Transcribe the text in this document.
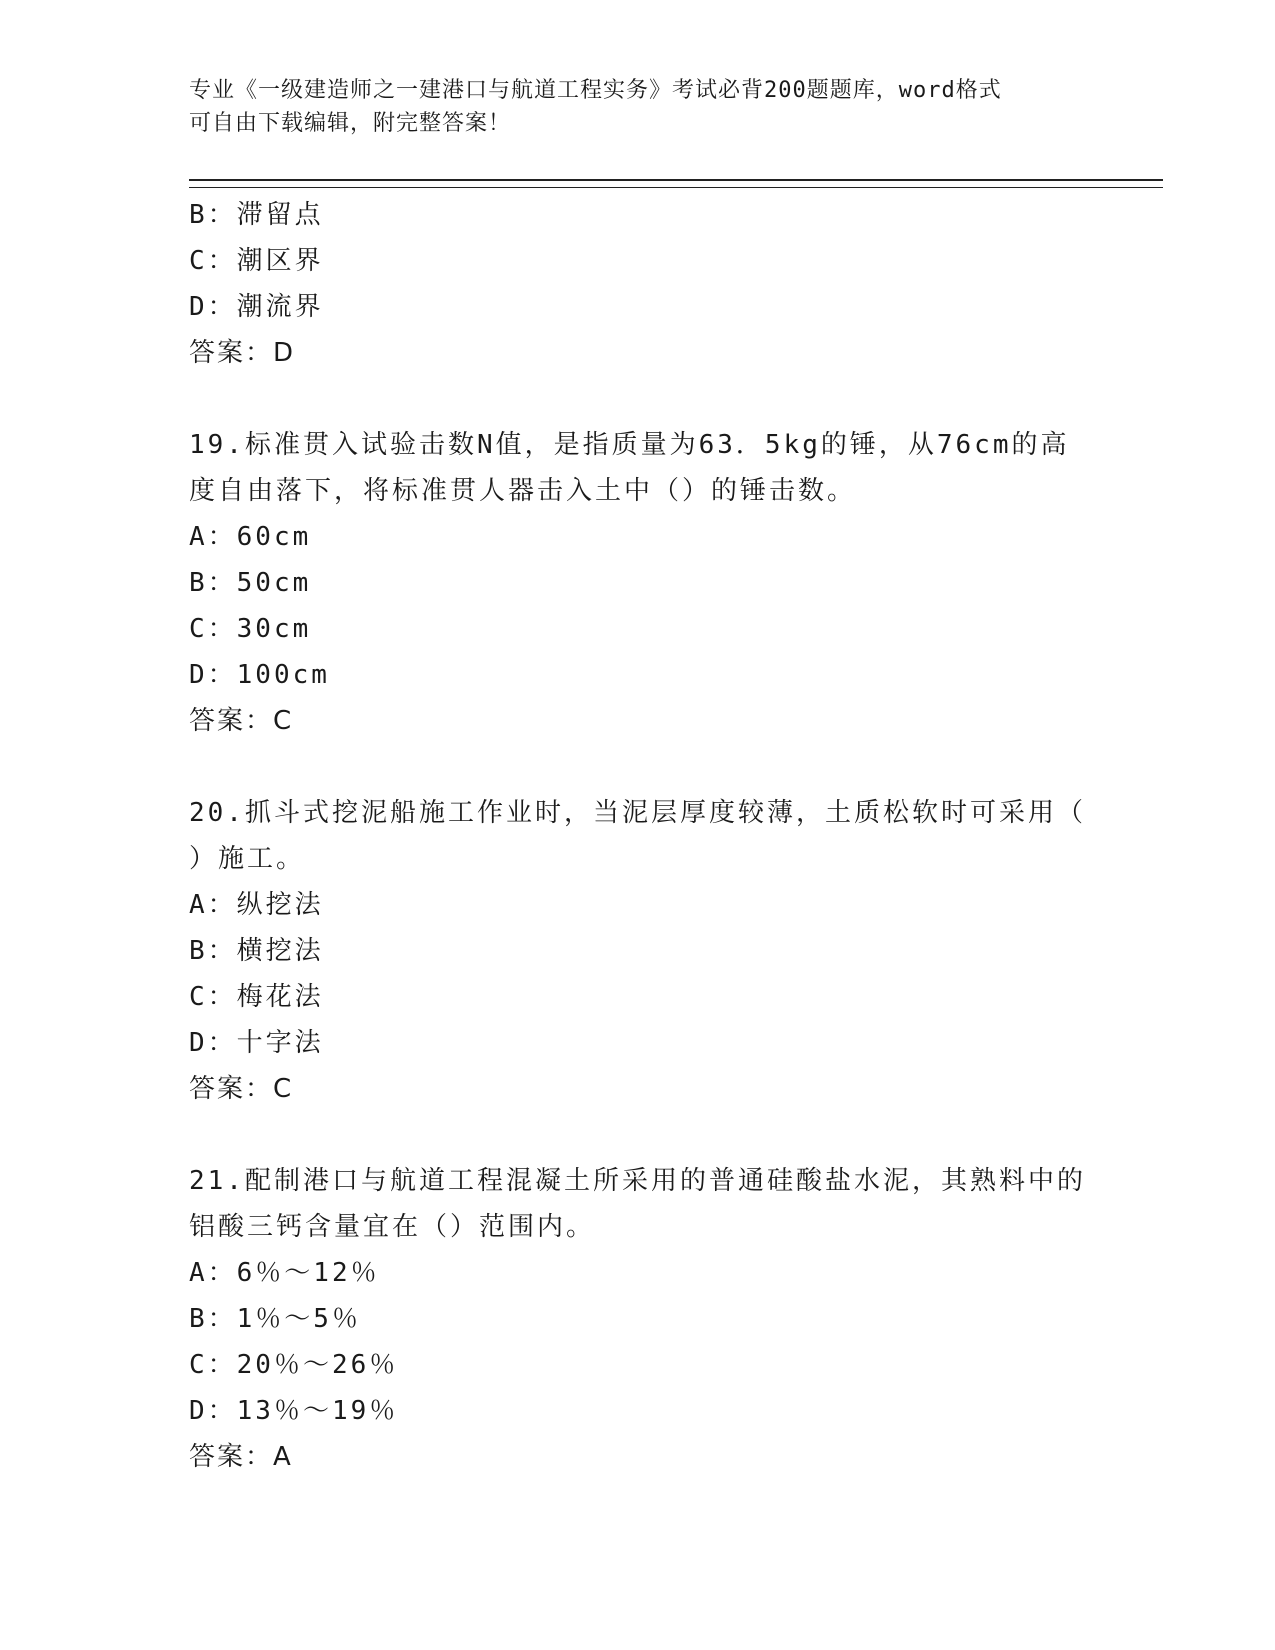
专业《一级建造师之一建港口与航道工程实务》考试必背200题题库，word格式
可自由下载编辑，附完整答案！
B：滞留点
C：潮区界
D：潮流界
答案：D
19.标准贯入试验击数N值，是指质量为63．5kg的锤，从76cm的高
度自由落下，将标准贯人器击入土中（）的锤击数。
A：60cm
B：50cm
C：30cm
D：100cm
答案：C
20.抓斗式挖泥船施工作业时，当泥层厚度较薄，土质松软时可采用（
）施工。
A：纵挖法
B：横挖法
C：梅花法
D：十字法
答案：C
21.配制港口与航道工程混凝土所采用的普通硅酸盐水泥，其熟料中的
铝酸三钙含量宜在（）范围内。
A：6％～12％
B：1％～5％
C：20％～26％
D：13％～19％
答案：A
